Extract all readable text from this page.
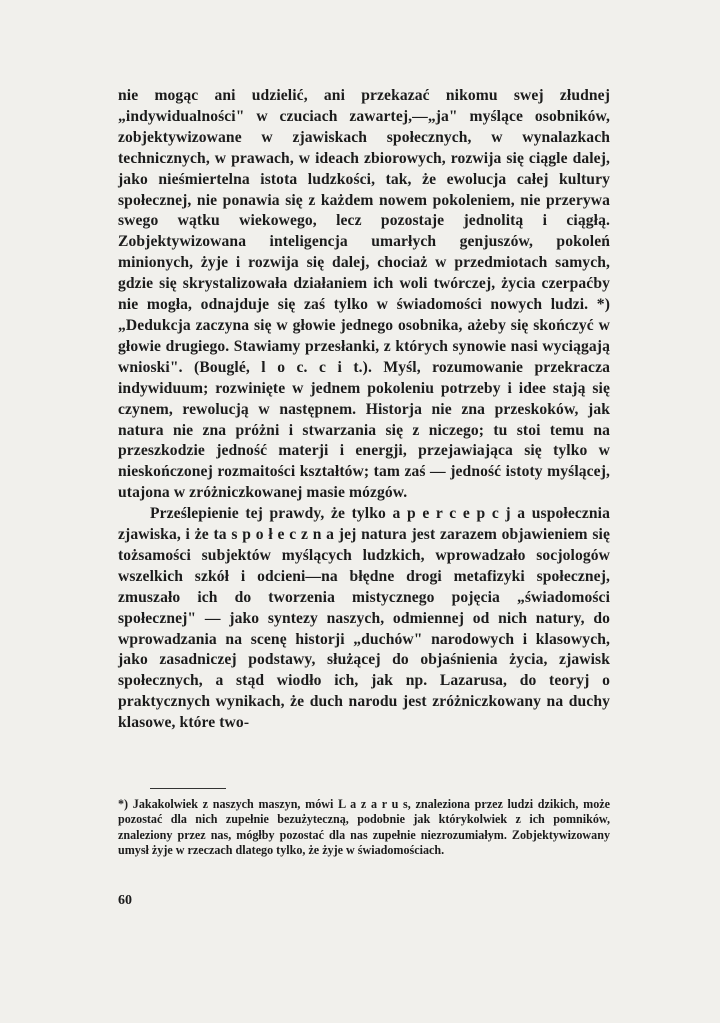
nie mogąc ani udzielić, ani przekazać nikomu swej złudnej „indywidualności" w czuciach zawartej,—„ja" myślące osobników, zobjektywizowane w zjawiskach społecznych, w wynalazkach technicznych, w prawach, w ideach zbiorowych, rozwija się ciągle dalej, jako nieśmiertelna istota ludzkości, tak, że ewolucja całej kultury społecznej, nie ponawia się z każdem nowem pokoleniem, nie przerywa swego wątku wiekowego, lecz pozostaje jednolitą i ciągłą. Zobjektywizowana inteligencja umarłych genjuszów, pokoleń minionych, żyje i rozwija się dalej, chociaż w przedmiotach samych, gdzie się skrystalizowała działaniem ich woli twórczej, życia czerpaćby nie mogła, odnajduje się zaś tylko w świadomości nowych ludzi. *) „Dedukcja zaczyna się w głowie jednego osobnika, ażeby się skończyć w głowie drugiego. Stawiamy przesłanki, z których synowie nasi wyciągają wnioski". (Bouglé, l o c. c i t.). Myśl, rozumowanie przekracza indywiduum; rozwinięte w jednem pokoleniu potrzeby i idee stają się czynem, rewolucją w następnem. Historja nie zna przeskoków, jak natura nie zna próżni i stwarzania się z niczego; tu stoi temu na przeszkodzie jedność materji i energji, przejawiająca się tylko w nieskończonej rozmaitości kształtów; tam zaś — jedność istoty myślącej, utajona w zróżniczkowanej masie mózgów.

Prześlepienie tej prawdy, że tylko a p e r c e p c j a uspołecznia zjawiska, i że ta s p o ł e c z n a jej natura jest zarazem objawieniem się tożsamości subjektów myślących ludzkich, wprowadzało socjologów wszelkich szkół i odcieni—na błędne drogi metafizyki społecznej, zmuszało ich do tworzenia mistycznego pojęcia „świadomości społecznej" — jako syntezy naszych, odmiennej od nich natury, do wprowadzania na scenę historji „duchów" narodowych i klasowych, jako zasadniczej podstawy, służącej do objaśnienia życia, zjawisk społecznych, a stąd wiodło ich, jak np. Lazarusa, do teoryj o praktycznych wynikach, że duch narodu jest zróżniczkowany na duchy klasowe, które two-

*) Jakakolwiek z naszych maszyn, mówi L a z a r u s, znaleziona przez ludzi dzikich, może pozostać dla nich zupełnie bezużyteczną, podobnie jak którykolwiek z ich pomników, znaleziony przez nas, mógłby pozostać dla nas zupełnie niezrozumiałym. Zobjektywizowany umysł żyje w rzeczach dlatego tylko, że żyje w świadomościach.

60
